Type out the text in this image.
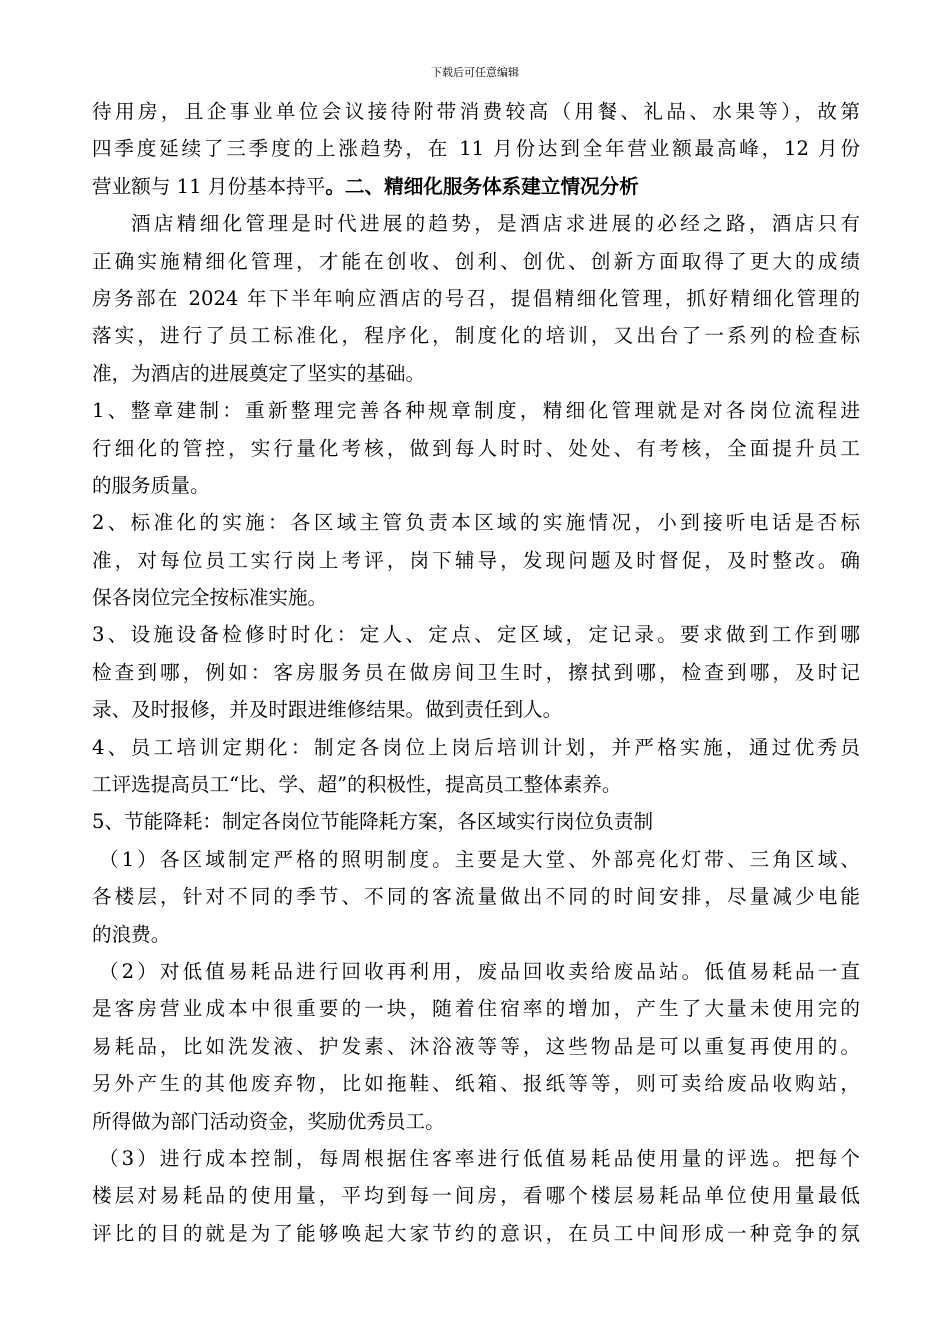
下载后可任意编辑
待用房，且企事业单位会议接待附带消费较高（用餐、礼品、水果等），故第
四季度延续了三季度的上涨趋势，在 11 月份达到全年营业额最高峰，12 月份
营业额与 11 月份基本持平。二、精细化服务体系建立情况分析
酒店精细化管理是时代进展的趋势，是酒店求进展的必经之路，酒店只有
正确实施精细化管理，才能在创收、创利、创优、创新方面取得了更大的成绩
房务部在 2024 年下半年响应酒店的号召，提倡精细化管理，抓好精细化管理的
落实，进行了员工标准化，程序化，制度化的培训，又出台了一系列的检查标
准，为酒店的进展奠定了坚实的基础。
1、整章建制：重新整理完善各种规章制度，精细化管理就是对各岗位流程进
行细化的管控，实行量化考核，做到每人时时、处处、有考核，全面提升员工
的服务质量。
2、标准化的实施：各区域主管负责本区域的实施情况，小到接听电话是否标
准，对每位员工实行岗上考评，岗下辅导，发现问题及时督促，及时整改。确
保各岗位完全按标准实施。
3、设施设备检修时时化：定人、定点、定区域，定记录。要求做到工作到哪
检查到哪，例如：客房服务员在做房间卫生时，擦拭到哪，检查到哪，及时记
录、及时报修，并及时跟进维修结果。做到责任到人。
4、员工培训定期化：制定各岗位上岗后培训计划，并严格实施，通过优秀员
工评选提高员工“比、学、超”的积极性，提高员工整体素养。
5、节能降耗：制定各岗位节能降耗方案，各区域实行岗位负责制
（1）各区域制定严格的照明制度。主要是大堂、外部亮化灯带、三角区域、
各楼层，针对不同的季节、不同的客流量做出不同的时间安排，尽量减少电能
的浪费。
（2）对低值易耗品进行回收再利用，废品回收卖给废品站。低值易耗品一直
是客房营业成本中很重要的一块，随着住宿率的增加，产生了大量未使用完的
易耗品，比如洗发液、护发素、沐浴液等等，这些物品是可以重复再使用的。
另外产生的其他废弃物，比如拖鞋、纸箱、报纸等等，则可卖给废品收购站，
所得做为部门活动资金，奖励优秀员工。
（3）进行成本控制，每周根据住客率进行低值易耗品使用量的评选。把每个
楼层对易耗品的使用量，平均到每一间房，看哪个楼层易耗品单位使用量最低
评比的目的就是为了能够唤起大家节约的意识，在员工中间形成一种竞争的氛
